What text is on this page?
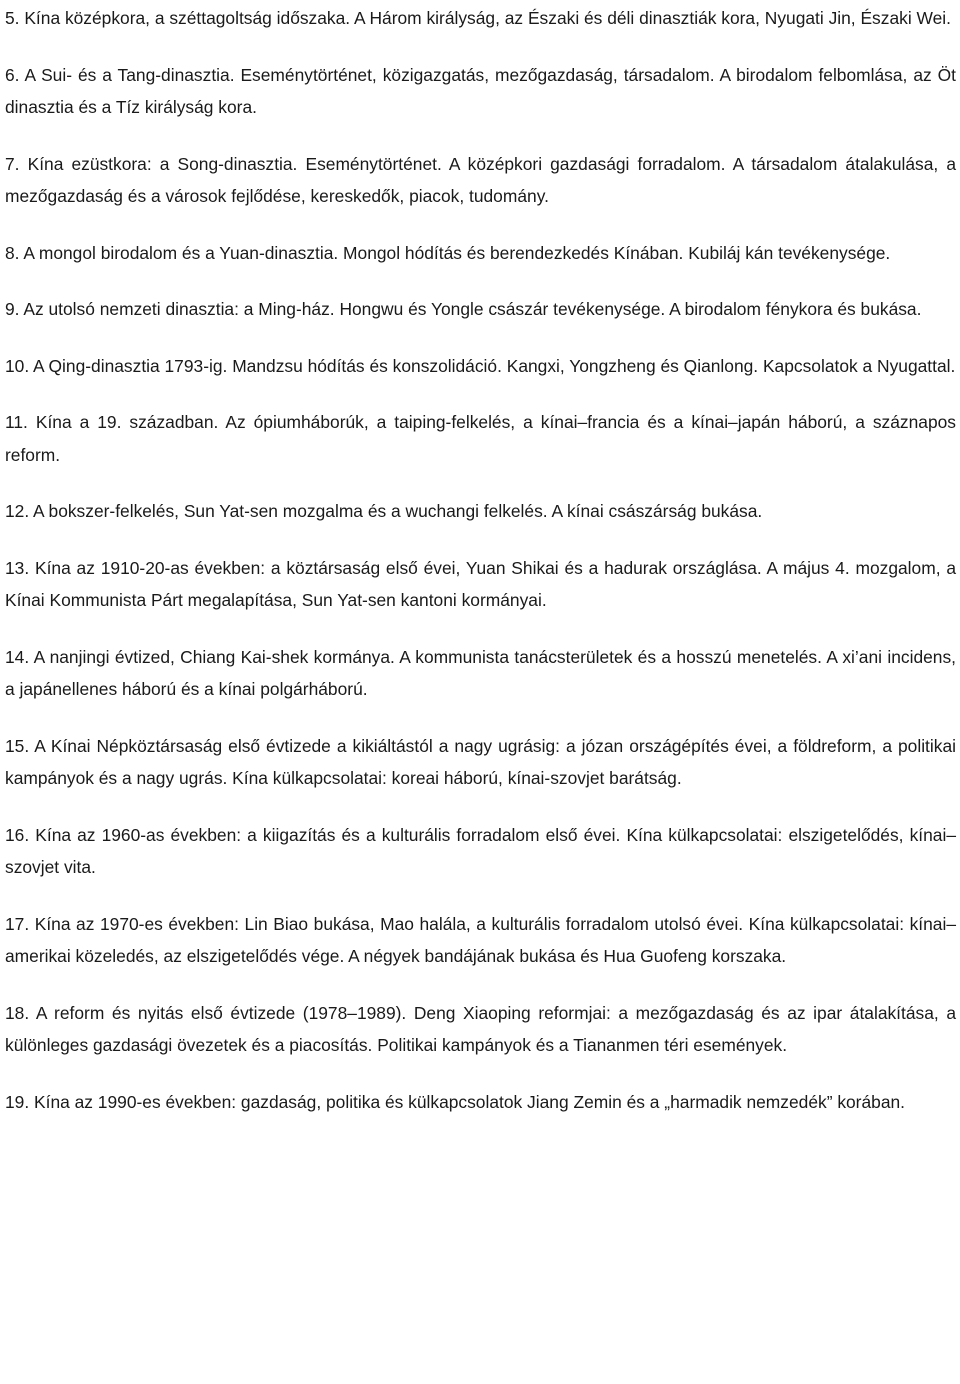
5. Kína középkora, a széttagoltság időszaka. A Három királyság, az Északi és déli dinasztiák kora, Nyugati Jin, Északi Wei.

6. A Sui- és a Tang-dinasztia. Eseménytörténet, közigazgatás, mezőgazdaság, társadalom. A birodalom felbomlása, az Öt dinasztia és a Tíz királyság kora.

7. Kína ezüstkora: a Song-dinasztia. Eseménytörténet. A középkori gazdasági forradalom. A társadalom átalakulása, a mezőgazdaság és a városok fejlődése, kereskedők, piacok, tudomány.

8. A mongol birodalom és a Yuan-dinasztia. Mongol hódítás és berendezkedés Kínában. Kubiláj kán tevékenysége.

9. Az utolsó nemzeti dinasztia: a Ming-ház. Hongwu és Yongle császár tevékenysége. A birodalom fénykora és bukása.

10. A Qing-dinasztia 1793-ig. Mandzsu hódítás és konszolidáció. Kangxi, Yongzheng és Qianlong. Kapcsolatok a Nyugattal.

11. Kína a 19. században. Az ópiumháborúk, a taiping-felkelés, a kínai–francia és a kínai–japán háború, a száznapos reform.

12. A bokszer-felkelés, Sun Yat-sen mozgalma és a wuchangi felkelés. A kínai császárság bukása.

13. Kína az 1910-20-as években: a köztársaság első évei, Yuan Shikai és a hadurak országlása. A május 4. mozgalom, a Kínai Kommunista Párt megalapítása, Sun Yat-sen kantoni kormányai.

14. A nanjingi évtized, Chiang Kai-shek kormánya. A kommunista tanácsterületek és a hosszú menetelés. A xi’ani incidens, a japánellenes háború és a kínai polgárháború.

15. A Kínai Népköztársaság első évtizede a kikiáltástól a nagy ugrásig: a józan országépítés évei, a földreform, a politikai kampányok és a nagy ugrás. Kína külkapcsolatai: koreai háború, kínai-szovjet barátság.

16. Kína az 1960-as években: a kiigazítás és a kulturális forradalom első évei. Kína külkapcsolatai: elszigetelődés, kínai–szovjet vita.

17. Kína az 1970-es években: Lin Biao bukása, Mao halála, a kulturális forradalom utolsó évei. Kína külkapcsolatai: kínai–amerikai közeledés, az elszigetelődés vége. A négyek bandájának bukása és Hua Guofeng korszaka.

18. A reform és nyitás első évtizede (1978–1989). Deng Xiaoping reformjai: a mezőgazdaság és az ipar átalakítása, a különleges gazdasági övezetek és a piacosítás. Politikai kampányok és a Tiananmen téri események.

19. Kína az 1990-es években: gazdaság, politika és külkapcsolatok Jiang Zemin és a „harmadik nemzedék” korában.
